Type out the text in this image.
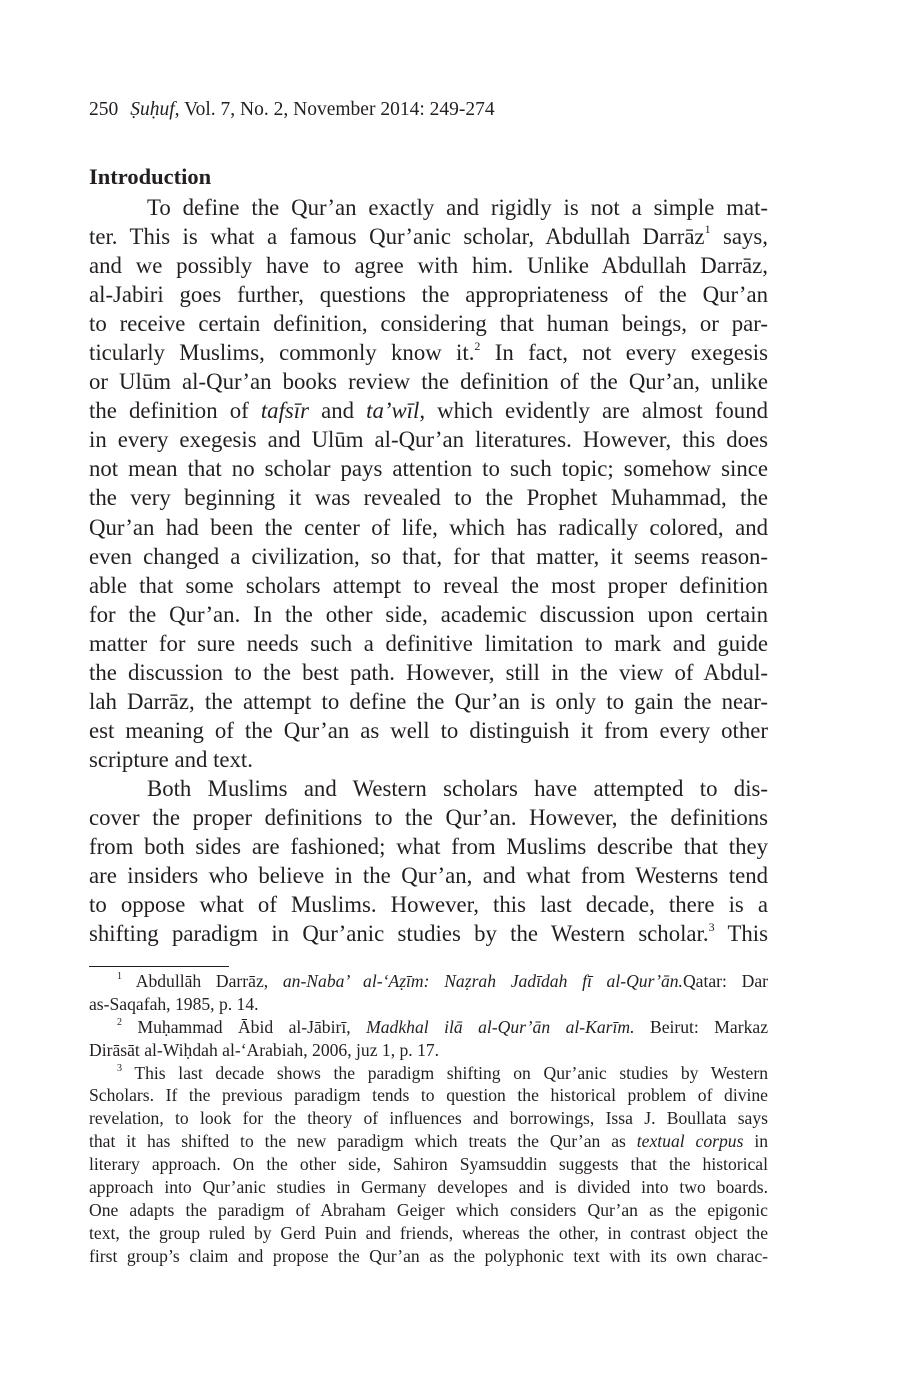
250 Ṣuḥuf, Vol. 7, No. 2, November 2014: 249-274
Introduction
To define the Qur’an exactly and rigidly is not a simple mat-
ter. This is what a famous Qur’anic scholar, Abdullah Darrāz$^1$ says,
and we possibly have to agree with him. Unlike Abdullah Darrāz,
al-Jabiri goes further, questions the appropriateness of the Qur’an
to receive certain definition, considering that human beings, or par-
ticularly Muslims, commonly know it.$^2$ In fact, not every exegesis
or Ulūm al-Qur’an books review the definition of the Qur’an, unlike
the definition of tafsīr and ta’wīl, which evidently are almost found
in every exegesis and Ulūm al-Qur’an literatures. However, this does
not mean that no scholar pays attention to such topic; somehow since
the very beginning it was revealed to the Prophet Muhammad, the
Qur’an had been the center of life, which has radically colored, and
even changed a civilization, so that, for that matter, it seems reason-
able that some scholars attempt to reveal the most proper definition
for the Qur’an. In the other side, academic discussion upon certain
matter for sure needs such a definitive limitation to mark and guide
the discussion to the best path. However, still in the view of Abdul-
lah Darrāz, the attempt to define the Qur’an is only to gain the near-
est meaning of the Qur’an as well to distinguish it from every other
scripture and text.
Both Muslims and Western scholars have attempted to dis-
cover the proper definitions to the Qur’an. However, the definitions
from both sides are fashioned; what from Muslims describe that they
are insiders who believe in the Qur’an, and what from Westerns tend
to oppose what of Muslims. However, this last decade, there is a
shifting paradigm in Qur’anic studies by the Western scholar.$^3$ This
$^1$ Abdullāh Darrāz, an-Naba’ al-‘Aẓīm: Naẓrah Jadīdah fī al-Qur’ān.Qatar: Dar
as-Saqafah, 1985, p. 14.
$^2$ Muḥammad Ābid al-Jābirī, Madkhal ilā al-Qur’ān al-Karīm. Beirut: Markaz
Dirāsāt al-Wiḥdah al-‘Arabiah, 2006, juz 1, p. 17.
$^3$ This last decade shows the paradigm shifting on Qur’anic studies by Western
Scholars. If the previous paradigm tends to question the historical problem of divine
revelation, to look for the theory of influences and borrowings, Issa J. Boullata says
that it has shifted to the new paradigm which treats the Qur’an as textual corpus in
literary approach. On the other side, Sahiron Syamsuddin suggests that the historical
approach into Qur’anic studies in Germany developes and is divided into two boards.
One adapts the paradigm of Abraham Geiger which considers Qur’an as the epigonic
text, the group ruled by Gerd Puin and friends, whereas the other, in contrast object the
first group’s claim and propose the Qur’an as the polyphonic text with its own charac-
